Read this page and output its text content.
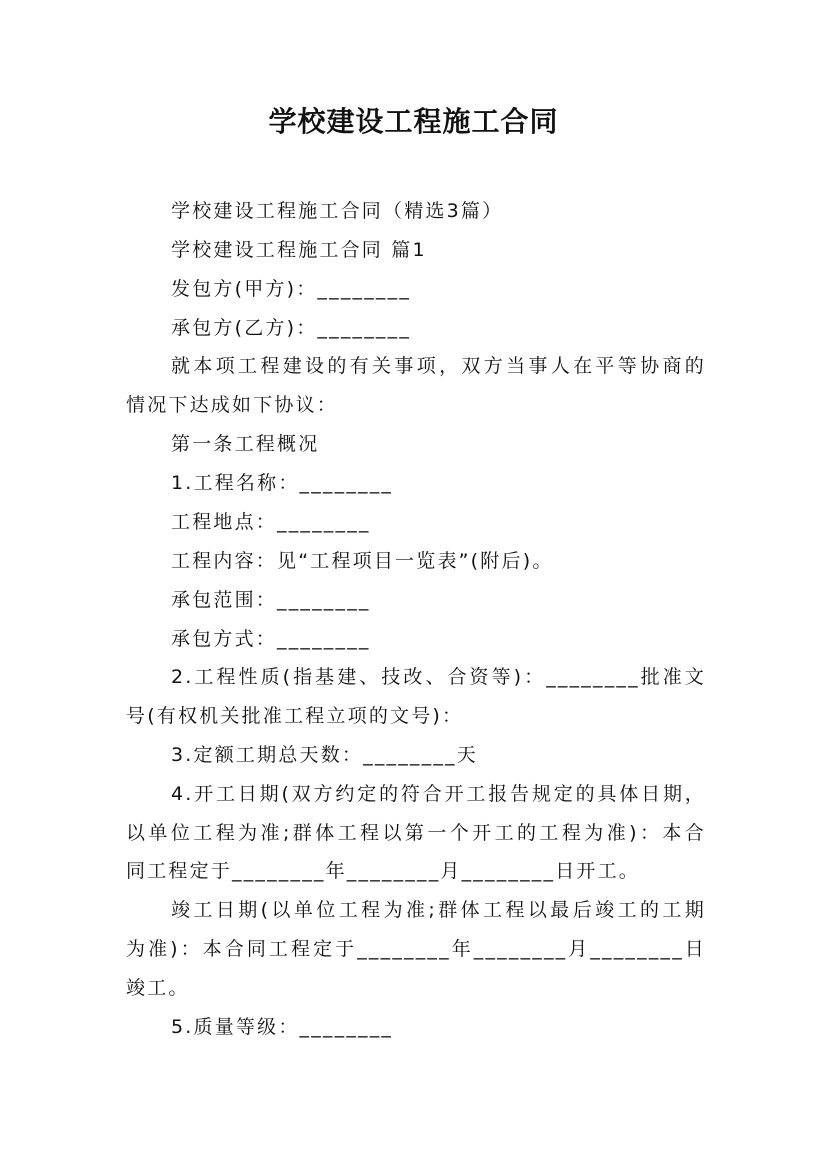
学校建设工程施工合同

学校建设工程施工合同（精选3篇）

学校建设工程施工合同 篇1

发包方(甲方)：________

承包方(乙方)：________

就本项工程建设的有关事项，双方当事人在平等协商的

情况下达成如下协议：

第一条工程概况

1.工程名称：________

工程地点：________

工程内容：见“工程项目一览表”(附后)。

承包范围：________

承包方式：________

2.工程性质(指基建、技改、合资等)：________批准文

号(有权机关批准工程立项的文号)：

3.定额工期总天数：________天

4.开工日期(双方约定的符合开工报告规定的具体日期，

以单位工程为准;群体工程以第一个开工的工程为准)：本合

同工程定于________年________月________日开工。

竣工日期(以单位工程为准;群体工程以最后竣工的工期

为准)：本合同工程定于________年________月________日

竣工。

5.质量等级：________
